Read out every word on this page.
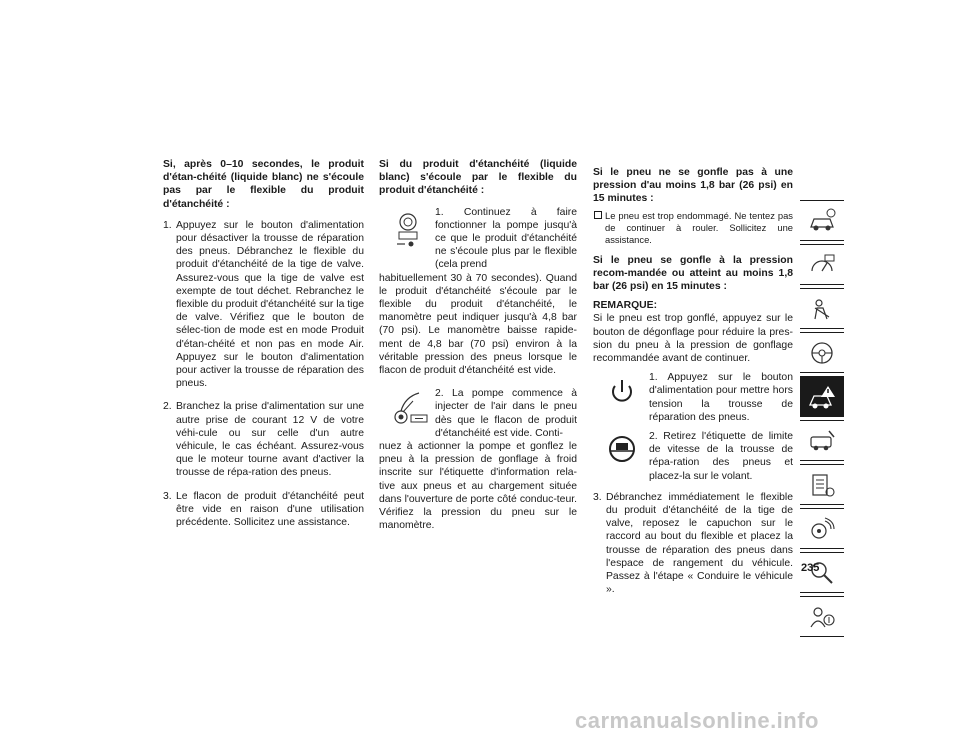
Si, après 0–10 secondes, le produit d'étan-chéité (liquide blanc) ne s'écoule pas par le flexible du produit d'étanchéité :

1. Appuyez sur le bouton d'alimentation pour désactiver la trousse de réparation des pneus. Débranchez le flexible du produit d'étanchéité de la tige de valve. Assurez-vous que la tige de valve est exempte de tout déchet. Rebranchez le flexible du produit d'étanchéité sur la tige de valve. Vérifiez que le bouton de sélec-tion de mode est en mode Produit d'étan-chéité et non pas en mode Air. Appuyez sur le bouton d'alimentation pour activer la trousse de réparation des pneus.
2. Branchez la prise d'alimentation sur une autre prise de courant 12 V de votre véhi-cule ou sur celle d'un autre véhicule, le cas échéant. Assurez-vous que le moteur tourne avant d'activer la trousse de répa-ration des pneus.
3. Le flacon de produit d'étanchéité peut être vide en raison d'une utilisation précédente. Sollicitez une assistance.

Si du produit d'étanchéité (liquide blanc) s'écoule par le flexible du produit d'étanchéité :

1. Continuez à faire fonctionner la pompe jusqu'à ce que le produit d'étanchéité ne s'écoule plus par le flexible (cela prend

habituellement 30 à 70 secondes). Quand le produit d'étanchéité s'écoule par le flexible du produit d'étanchéité, le manomètre peut indiquer jusqu'à 4,8 bar (70 psi). Le manomètre baisse rapide-ment de 4,8 bar (70 psi) environ à la véritable pression des pneus lorsque le flacon de produit d'étanchéité est vide.

2. La pompe commence à injecter de l'air dans le pneu dès que le flacon de produit d'étanchéité est vide. Conti-

nuez à actionner la pompe et gonflez le pneu à la pression de gonflage à froid inscrite sur l'étiquette d'information rela-tive aux pneus et au chargement située dans l'ouverture de porte côté conduc-teur. Vérifiez la pression du pneu sur le manomètre.

Si le pneu ne se gonfle pas à une pression d'au moins 1,8 bar (26 psi) en 15 minutes :

Le pneu est trop endommagé. Ne tentez pas de continuer à rouler. Sollicitez une assistance.

Si le pneu se gonfle à la pression recom-mandée ou atteint au moins 1,8 bar (26 psi) en 15 minutes :

REMARQUE:

Si le pneu est trop gonflé, appuyez sur le bouton de dégonflage pour réduire la pres-sion du pneu à la pression de gonflage recommandée avant de continuer.

1. Appuyez sur le bouton d'alimentation pour mettre hors tension la trousse de réparation des pneus.

2. Retirez l'étiquette de limite de vitesse de la trousse de répa-ration des pneus et placez-la sur le volant.

3. Débranchez immédiatement le flexible du produit d'étanchéité de la tige de valve, reposez le capuchon sur le raccord au bout du flexible et placez la trousse de réparation des pneus dans l'espace de rangement du véhicule. Passez à l'étape « Conduire le véhicule ».
235
carmanualsonline.info
